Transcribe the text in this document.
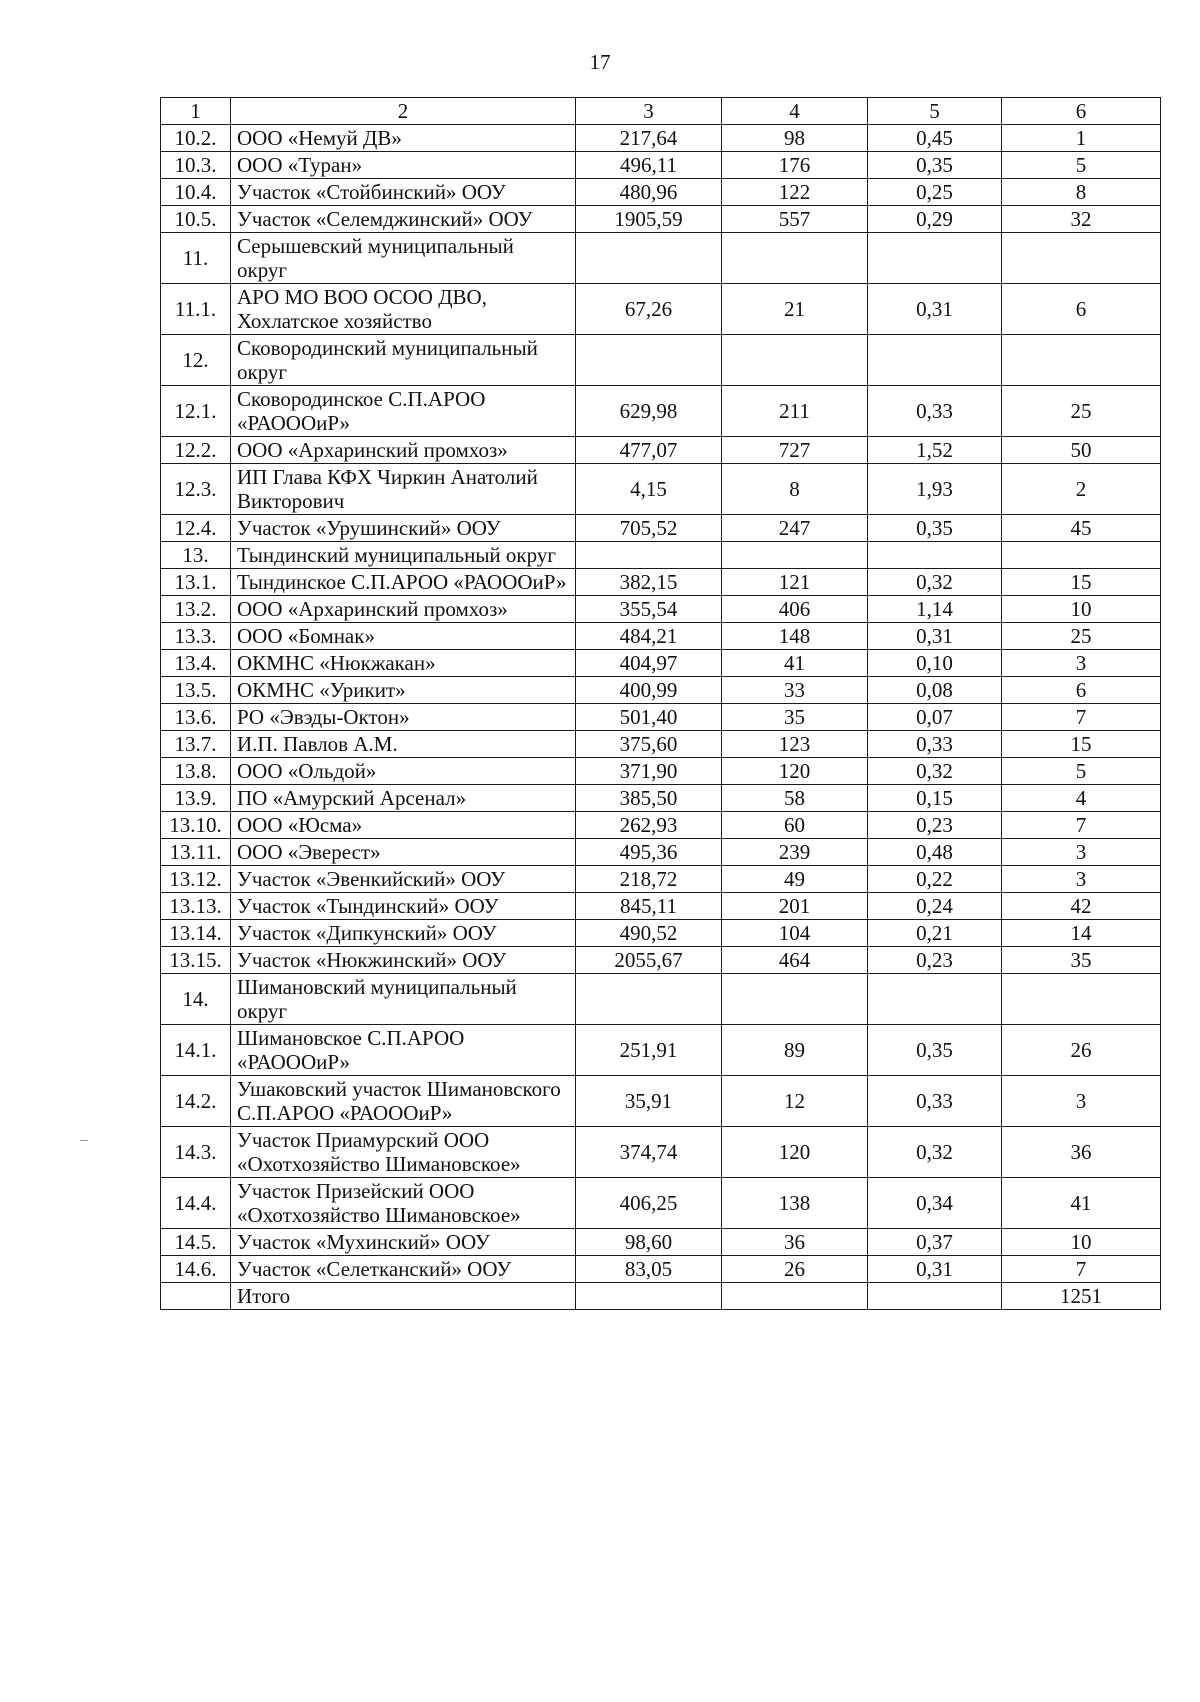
17
1	2	3	4	5	6
10.2.	ООО «Немуй ДВ»	217,64	98	0,45	1
10.3.	ООО «Туран»	496,11	176	0,35	5
10.4.	Участок «Стойбинский» ООУ	480,96	122	0,25	8
10.5.	Участок «Селемджинский» ООУ	1905,59	557	0,29	32
11.	Серышевский муниципальный округ				
11.1.	АРО МО ВОО ОСОО ДВО, Хохлатское хозяйство	67,26	21	0,31	6
12.	Сковородинский муниципальный округ				
12.1.	Сковородинское С.П.АРОО «РАОООиР»	629,98	211	0,33	25
12.2.	ООО «Архаринский промхоз»	477,07	727	1,52	50
12.3.	ИП Глава КФХ Чиркин Анатолий Викторович	4,15	8	1,93	2
12.4.	Участок «Урушинский» ООУ	705,52	247	0,35	45
13.	Тындинский муниципальный округ				
13.1.	Тындинское С.П.АРОО «РАОООиР»	382,15	121	0,32	15
13.2.	ООО «Архаринский промхоз»	355,54	406	1,14	10
13.3.	ООО «Бомнак»	484,21	148	0,31	25
13.4.	ОКМНС «Нюкжакан»	404,97	41	0,10	3
13.5.	ОКМНС «Урикит»	400,99	33	0,08	6
13.6.	РО «Эвэды-Октон»	501,40	35	0,07	7
13.7.	И.П. Павлов А.М.	375,60	123	0,33	15
13.8.	ООО «Ольдой»	371,90	120	0,32	5
13.9.	ПО «Амурский Арсенал»	385,50	58	0,15	4
13.10.	ООО «Юсма»	262,93	60	0,23	7
13.11.	ООО «Эверест»	495,36	239	0,48	3
13.12.	Участок «Эвенкийский» ООУ	218,72	49	0,22	3
13.13.	Участок «Тындинский» ООУ	845,11	201	0,24	42
13.14.	Участок «Дипкунский» ООУ	490,52	104	0,21	14
13.15.	Участок «Нюкжинский» ООУ	2055,67	464	0,23	35
14.	Шимановский муниципальный округ				
14.1.	Шимановское С.П.АРОО «РАОООиР»	251,91	89	0,35	26
14.2.	Ушаковский участок Шимановского С.П.АРОО «РАОООиР»	35,91	12	0,33	3
14.3.	Участок Приамурский ООО «Охотхозяйство Шимановское»	374,74	120	0,32	36
14.4.	Участок Призейский ООО «Охотхозяйство Шимановское»	406,25	138	0,34	41
14.5.	Участок «Мухинский» ООУ	98,60	36	0,37	10
14.6.	Участок «Селетканский» ООУ	83,05	26	0,31	7
	Итого				1251
